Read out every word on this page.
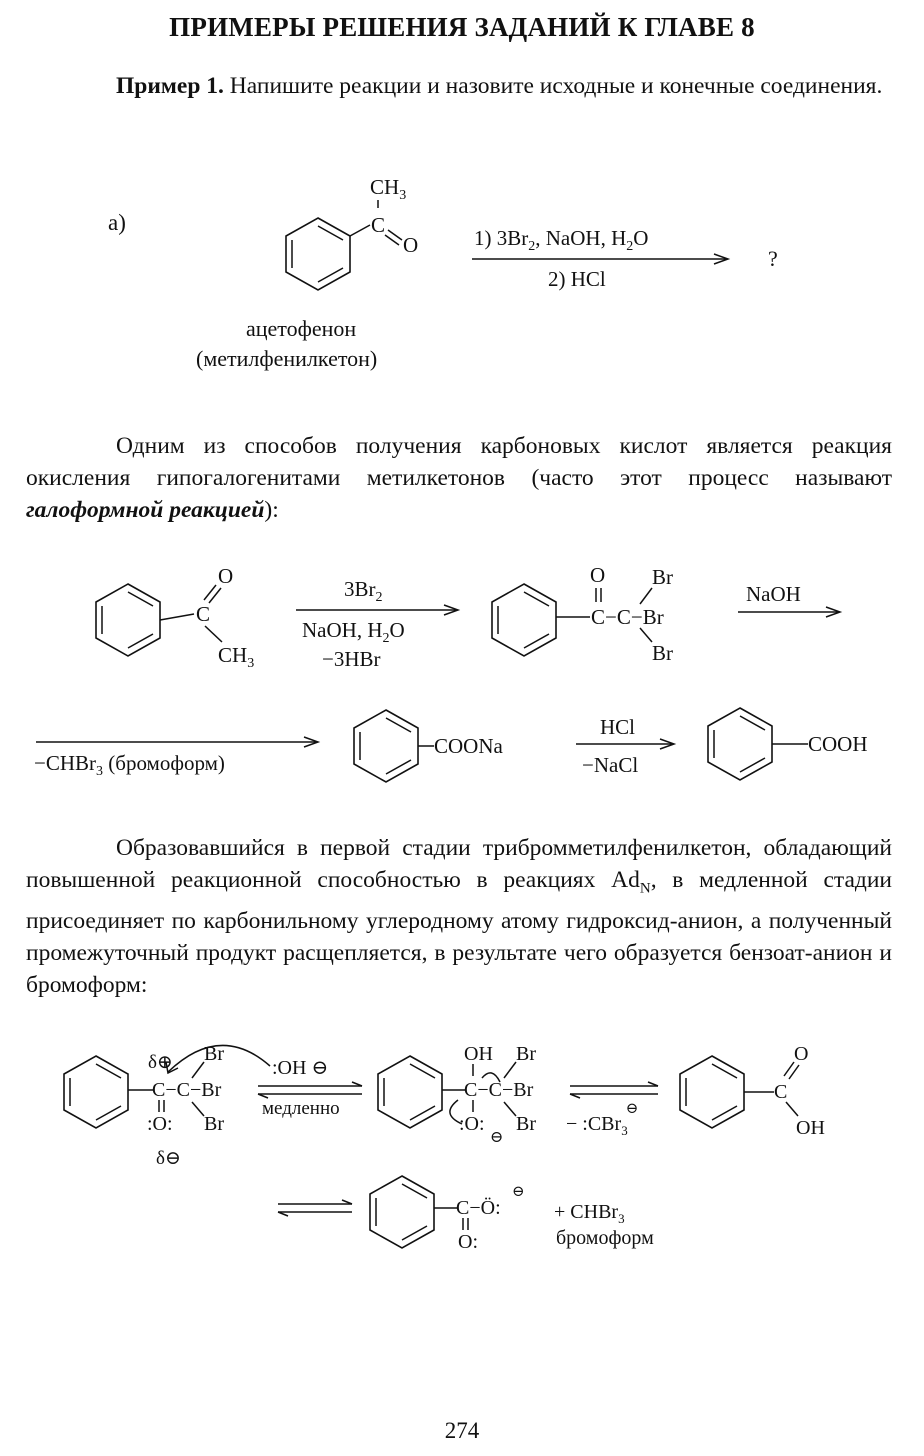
ПРИМЕРЫ РЕШЕНИЯ ЗАДАНИЙ К ГЛАВЕ 8
Пример 1. Напишите реакции и назовите исходные и конечные соединения.
а)	C
$CH_3$
O	1) $3Br_2$, NaOH, $H_2O$
2) HCl
?
ацетофенон
(метилфенилкетон)
C
O
$CH_3$
$3Br_2$
NaOH, $H_2O$
−3HBr
O
C−C−Br
Br
Br
NaOH
−CHBr$_3$ (бромоформ)
COONa
HCl
−NaCl
COOH
δ⊕
C−C−Br
:O:
δ⊖
Br
Br
:OH ⊖
медленно
OH
C−C−Br
:O:
⊖
Br
Br − :CBr$_3$⊖
C
O
OH
C−Ö:
⊖
O:
+ CHBr$_3$
бромоформ
Одним из способов получения карбоновых кислот является реакция окисления гипогалогенитами метилкетонов (часто этот процесс называют галоформной реакцией):
Образовавшийся в первой стадии трибромметилфенилкетон, обладающий повышенной реакционной способностью в реакциях $Ad_N$, в медленной стадии присоединяет по карбонильному углеродному атому гидроксид-анион, а полученный промежуточный продукт расщепляется, в результате чего образуется бензоат-анион и бромоформ:
274
